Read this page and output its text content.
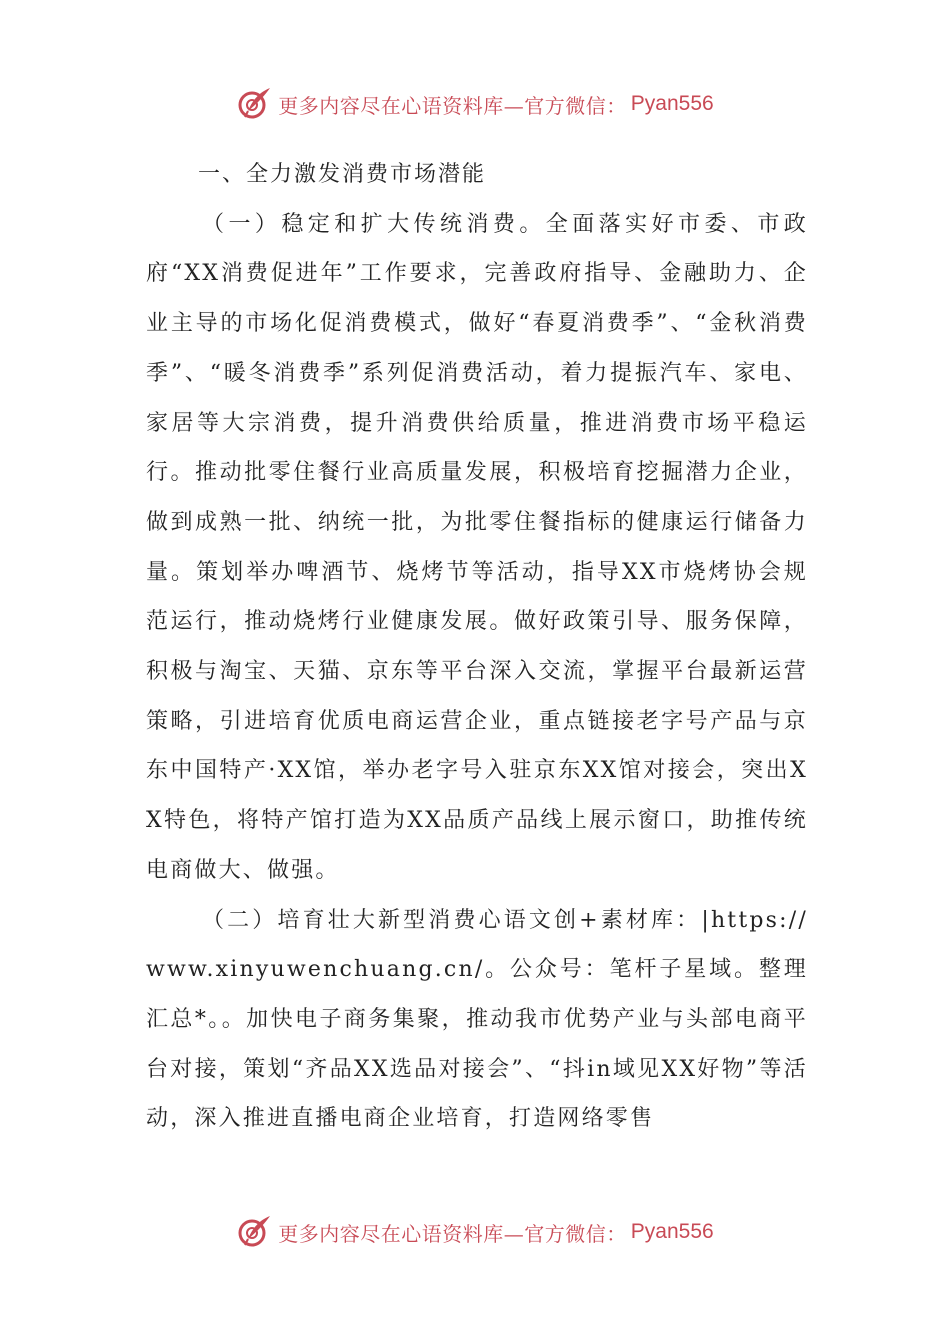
更多内容尽在心语资料库—官方微信： Pyan556

一、全力激发消费市场潜能

（一）稳定和扩大传统消费。全面落实好市委、市政府“XX消费促进年”工作要求，完善政府指导、金融助力、企业主导的市场化促消费模式，做好“春夏消费季”、“金秋消费季”、“暖冬消费季”系列促消费活动，着力提振汽车、家电、家居等大宗消费，提升消费供给质量，推进消费市场平稳运行。推动批零住餐行业高质量发展，积极培育挖掘潜力企业，做到成熟一批、纳统一批，为批零住餐指标的健康运行储备力量。策划举办啤酒节、烧烤节等活动，指导XX市烧烤协会规范运行，推动烧烤行业健康发展。做好政策引导、服务保障，积极与淘宝、天猫、京东等平台深入交流，掌握平台最新运营策略，引进培育优质电商运营企业，重点链接老字号产品与京东中国特产·XX馆，举办老字号入驻京东XX馆对接会，突出XX特色，将特产馆打造为XX品质产品线上展示窗口，助推传统电商做大、做强。

（二）培育壮大新型消费心语文创+素材库：|https://www.xinyuwenchuang.cn/。公众号：笔杆子星域。整理汇总*。。加快电子商务集聚，推动我市优势产业与头部电商平台对接，策划“齐品XX选品对接会”、“抖in域见XX好物”等活动，深入推进直播电商企业培育，打造网络零售

更多内容尽在心语资料库—官方微信： Pyan556
